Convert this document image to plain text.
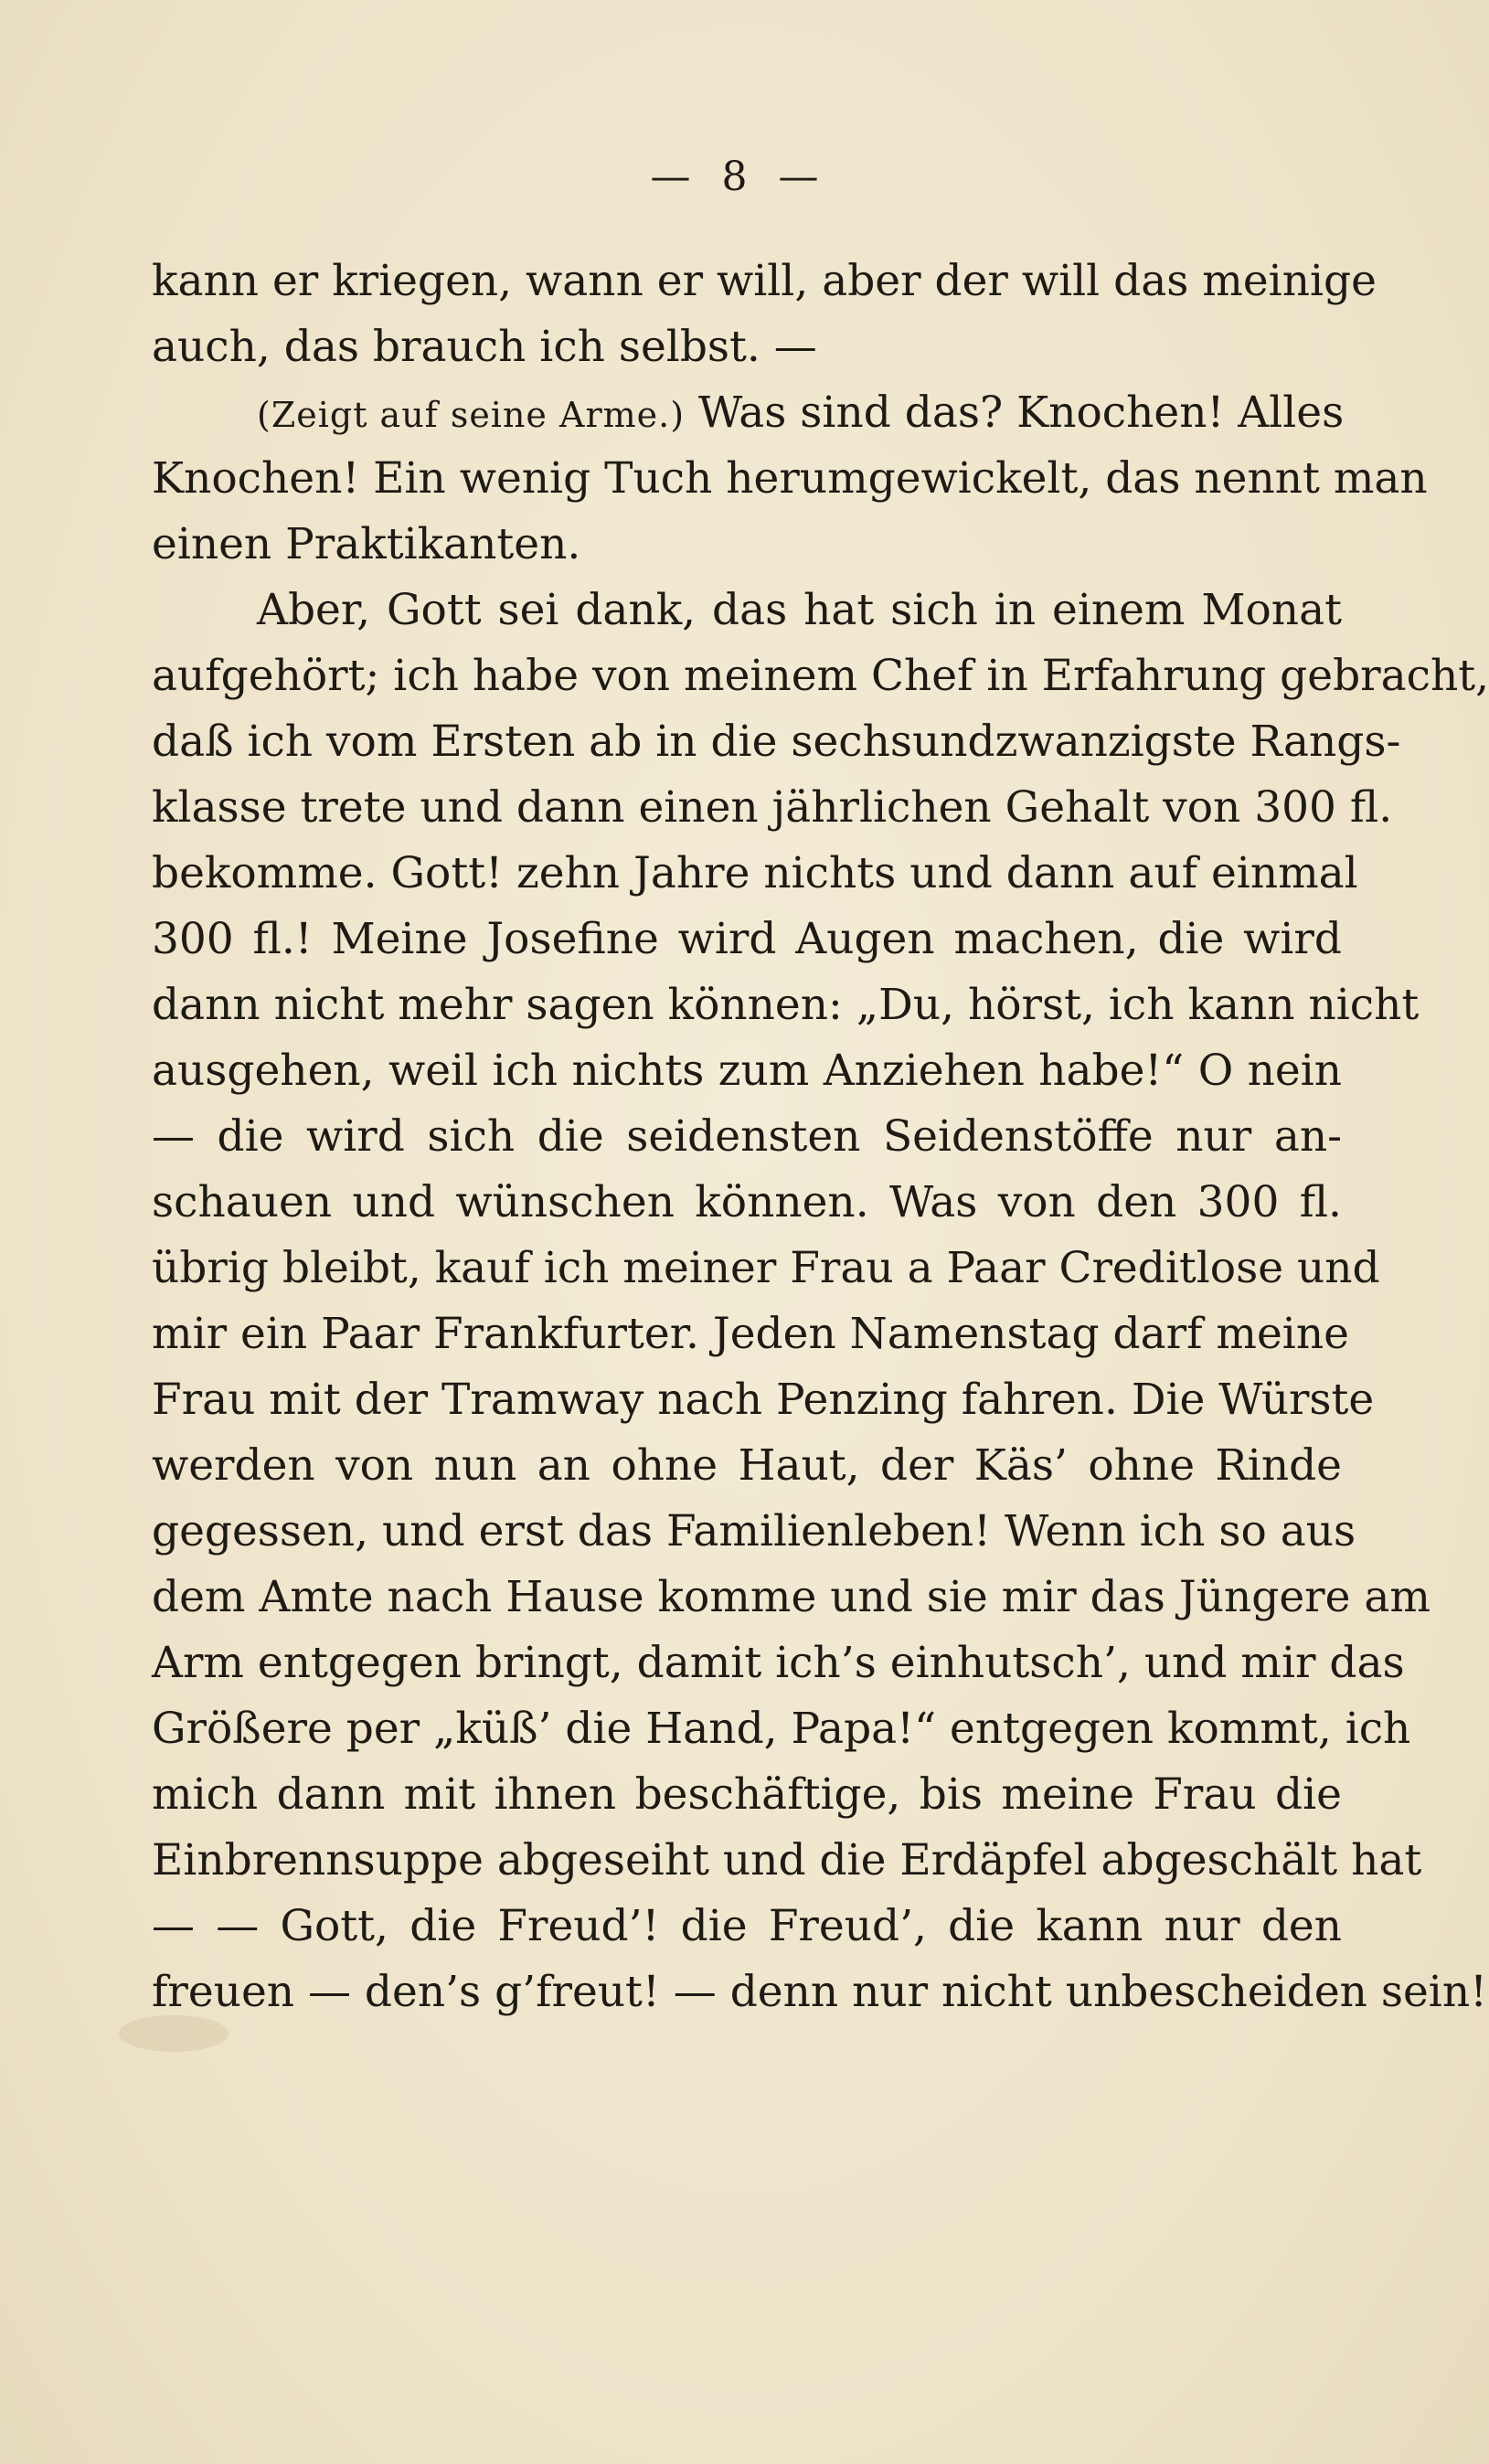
— 8 —
kann er kriegen, wann er will, aber der will das meinige
auch, das brauch ich selbst. —
(Zeigt auf seine Arme.) Was sind das? Knochen! Alles
Knochen! Ein wenig Tuch herumgewickelt, das nennt man
einen Praktikanten.
Aber, Gott sei dank, das hat sich in einem Monat
aufgehört; ich habe von meinem Chef in Erfahrung gebracht,
daß ich vom Ersten ab in die sechsundzwanzigste Rangs-
klasse trete und dann einen jährlichen Gehalt von 300 fl.
bekomme. Gott! zehn Jahre nichts und dann auf einmal
300 fl.! Meine Josefine wird Augen machen, die wird
dann nicht mehr sagen können: „Du, hörst, ich kann nicht
ausgehen, weil ich nichts zum Anziehen habe!“ O nein
— die wird sich die seidensten Seidenstöffe nur an-
schauen und wünschen können. Was von den 300 fl.
übrig bleibt, kauf ich meiner Frau a Paar Creditlose und
mir ein Paar Frankfurter. Jeden Namenstag darf meine
Frau mit der Tramway nach Penzing fahren. Die Würste
werden von nun an ohne Haut, der Käs’ ohne Rinde
gegessen, und erst das Familienleben! Wenn ich so aus
dem Amte nach Hause komme und sie mir das Jüngere am
Arm entgegen bringt, damit ich’s einhutsch’, und mir das
Größere per „küß’ die Hand, Papa!“ entgegen kommt, ich
mich dann mit ihnen beschäftige, bis meine Frau die
Einbrennsuppe abgeseiht und die Erdäpfel abgeschält hat
— — Gott, die Freud’! die Freud’, die kann nur den
freuen — den’s g’freut! — denn nur nicht unbescheiden sein!
